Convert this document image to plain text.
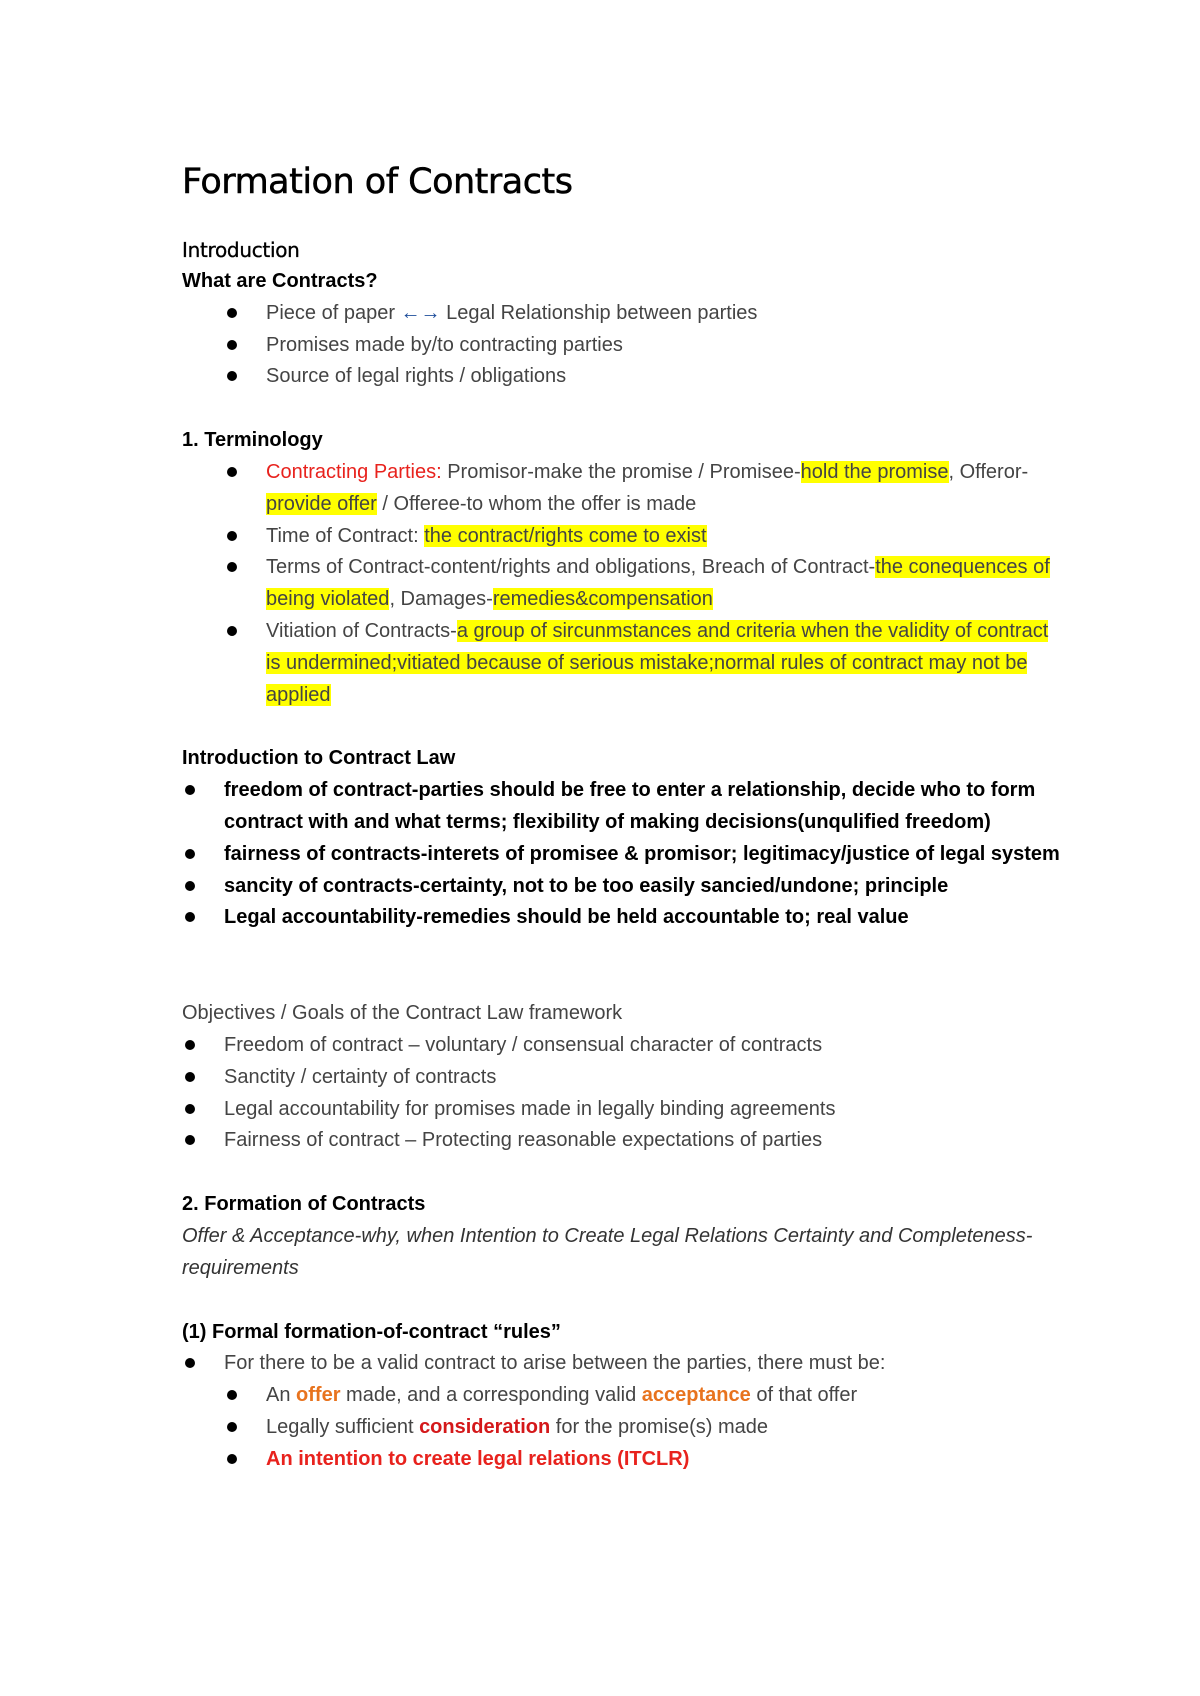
Formation of Contracts
Introduction
What are Contracts?
Piece of paper ←→ Legal Relationship between parties
Promises made by/to contracting parties
Source of legal rights / obligations
1. Terminology
Contracting Parties: Promisor-make the promise / Promisee-hold the promise, Offeror-provide offer / Offeree-to whom the offer is made
Time of Contract: the contract/rights come to exist
Terms of Contract-content/rights and obligations, Breach of Contract-the conequences of being violated, Damages-remedies&compensation
Vitiation of Contracts-a group of sircunmstances and criteria when the validity of contract is undermined;vitiated because of serious mistake;normal rules of contract may not be applied
Introduction to Contract Law
freedom of contract-parties should be free to enter a relationship, decide who to form contract with and what terms; flexibility of making decisions(unqulified freedom)
fairness of contracts-interets of promisee & promisor; legitimacy/justice of legal system
sancity of contracts-certainty, not to be too easily sancied/undone; principle
Legal accountability-remedies should be held accountable to; real value
Objectives / Goals of the Contract Law framework
Freedom of contract – voluntary / consensual character of contracts
Sanctity / certainty of contracts
Legal accountability for promises made in legally binding agreements
Fairness of contract – Protecting reasonable expectations of parties
2. Formation of Contracts
Offer & Acceptance-why, when Intention to Create Legal Relations Certainty and Completeness-requirements
(1) Formal formation-of-contract “rules”
For there to be a valid contract to arise between the parties, there must be:
An offer made, and a corresponding valid acceptance of that offer
Legally sufficient consideration for the promise(s) made
An intention to create legal relations (ITCLR)
